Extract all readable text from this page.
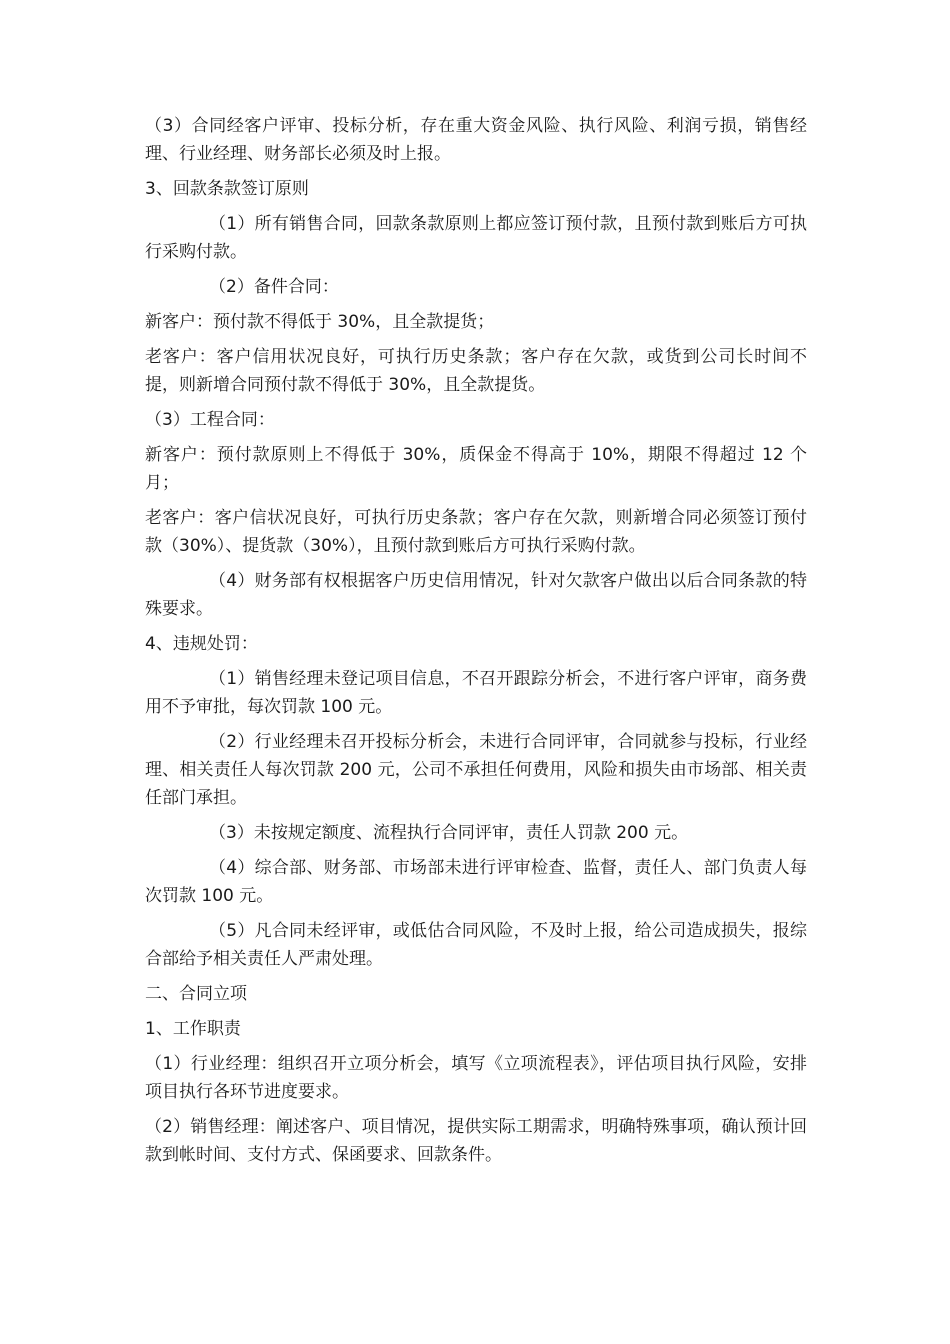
（3）合同经客户评审、投标分析，存在重大资金风险、执行风险、利润亏损，销售经理、行业经理、财务部长必须及时上报。

3、回款条款签订原则

（1）所有销售合同，回款条款原则上都应签订预付款，且预付款到账后方可执行采购付款。

（2）备件合同：

新客户：预付款不得低于 30%，且全款提货；

老客户：客户信用状况良好，可执行历史条款；客户存在欠款，或货到公司长时间不提，则新增合同预付款不得低于 30%，且全款提货。

（3）工程合同：

新客户：预付款原则上不得低于 30%，质保金不得高于 10%，期限不得超过 12 个月；

老客户：客户信状况良好，可执行历史条款；客户存在欠款，则新增合同必须签订预付款（30%）、提货款（30%），且预付款到账后方可执行采购付款。

（4）财务部有权根据客户历史信用情况，针对欠款客户做出以后合同条款的特殊要求。

4、违规处罚：

（1）销售经理未登记项目信息，不召开跟踪分析会，不进行客户评审，商务费用不予审批，每次罚款 100 元。

（2）行业经理未召开投标分析会，未进行合同评审，合同就参与投标，行业经理、相关责任人每次罚款 200 元，公司不承担任何费用，风险和损失由市场部、相关责任部门承担。

（3）未按规定额度、流程执行合同评审，责任人罚款 200 元。

（4）综合部、财务部、市场部未进行评审检查、监督，责任人、部门负责人每次罚款 100 元。

（5）凡合同未经评审，或低估合同风险，不及时上报，给公司造成损失，报综合部给予相关责任人严肃处理。

二、合同立项

1、工作职责

（1）行业经理：组织召开立项分析会，填写《立项流程表》，评估项目执行风险，安排项目执行各环节进度要求。

（2）销售经理：阐述客户、项目情况，提供实际工期需求，明确特殊事项，确认预计回款到帐时间、支付方式、保函要求、回款条件。
